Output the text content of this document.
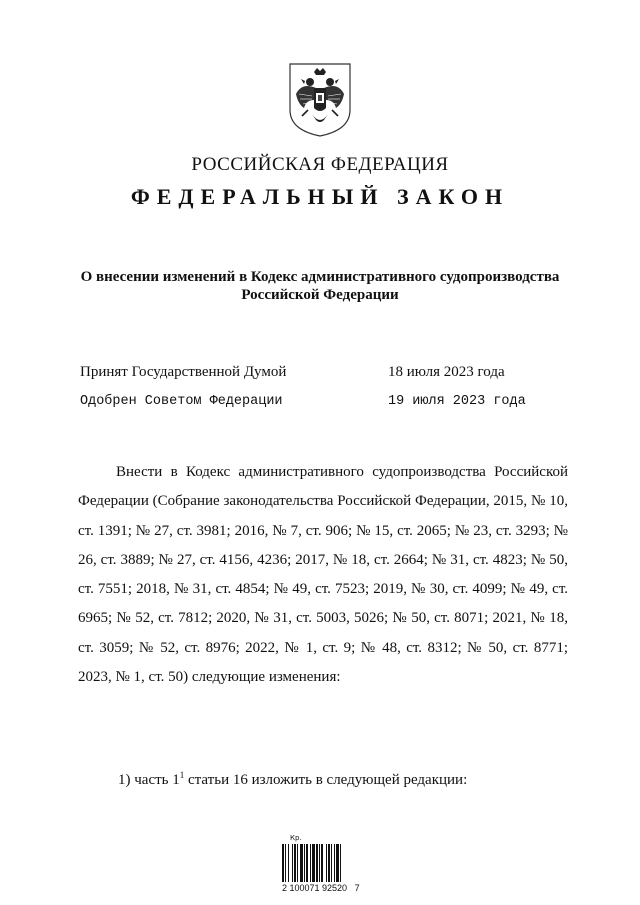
РОССИЙСКАЯ ФЕДЕРАЦИЯ
ФЕДЕРАЛЬНЫЙ ЗАКОН
О внесении изменений в Кодекс административного судопроизводства
Российской Федерации
Принят Государственной Думой	18 июля 2023 года
Одобрен Советом Федерации	19 июля 2023 года
Внести в Кодекс административного судопроизводства Российской Федерации (Собрание законодательства Российской Федерации, 2015, № 10, ст. 1391; № 27, ст. 3981; 2016, № 7, ст. 906; № 15, ст. 2065; № 23, ст. 3293; № 26, ст. 3889; № 27, ст. 4156, 4236; 2017, № 18, ст. 2664; № 31, ст. 4823; № 50, ст. 7551; 2018, № 31, ст. 4854; № 49, ст. 7523; 2019, № 30, ст. 4099; № 49, ст. 6965; № 52, ст. 7812; 2020, № 31, ст. 5003, 5026; № 50, ст. 8071; 2021, № 18, ст. 3059; № 52, ст. 8976; 2022, № 1, ст. 9; № 48, ст. 8312; № 50, ст. 8771; 2023, № 1, ст. 50) следующие изменения:
1) часть $1^1$ статьи 16 изложить в следующей редакции:
Кр.
2 100071 92520   7
